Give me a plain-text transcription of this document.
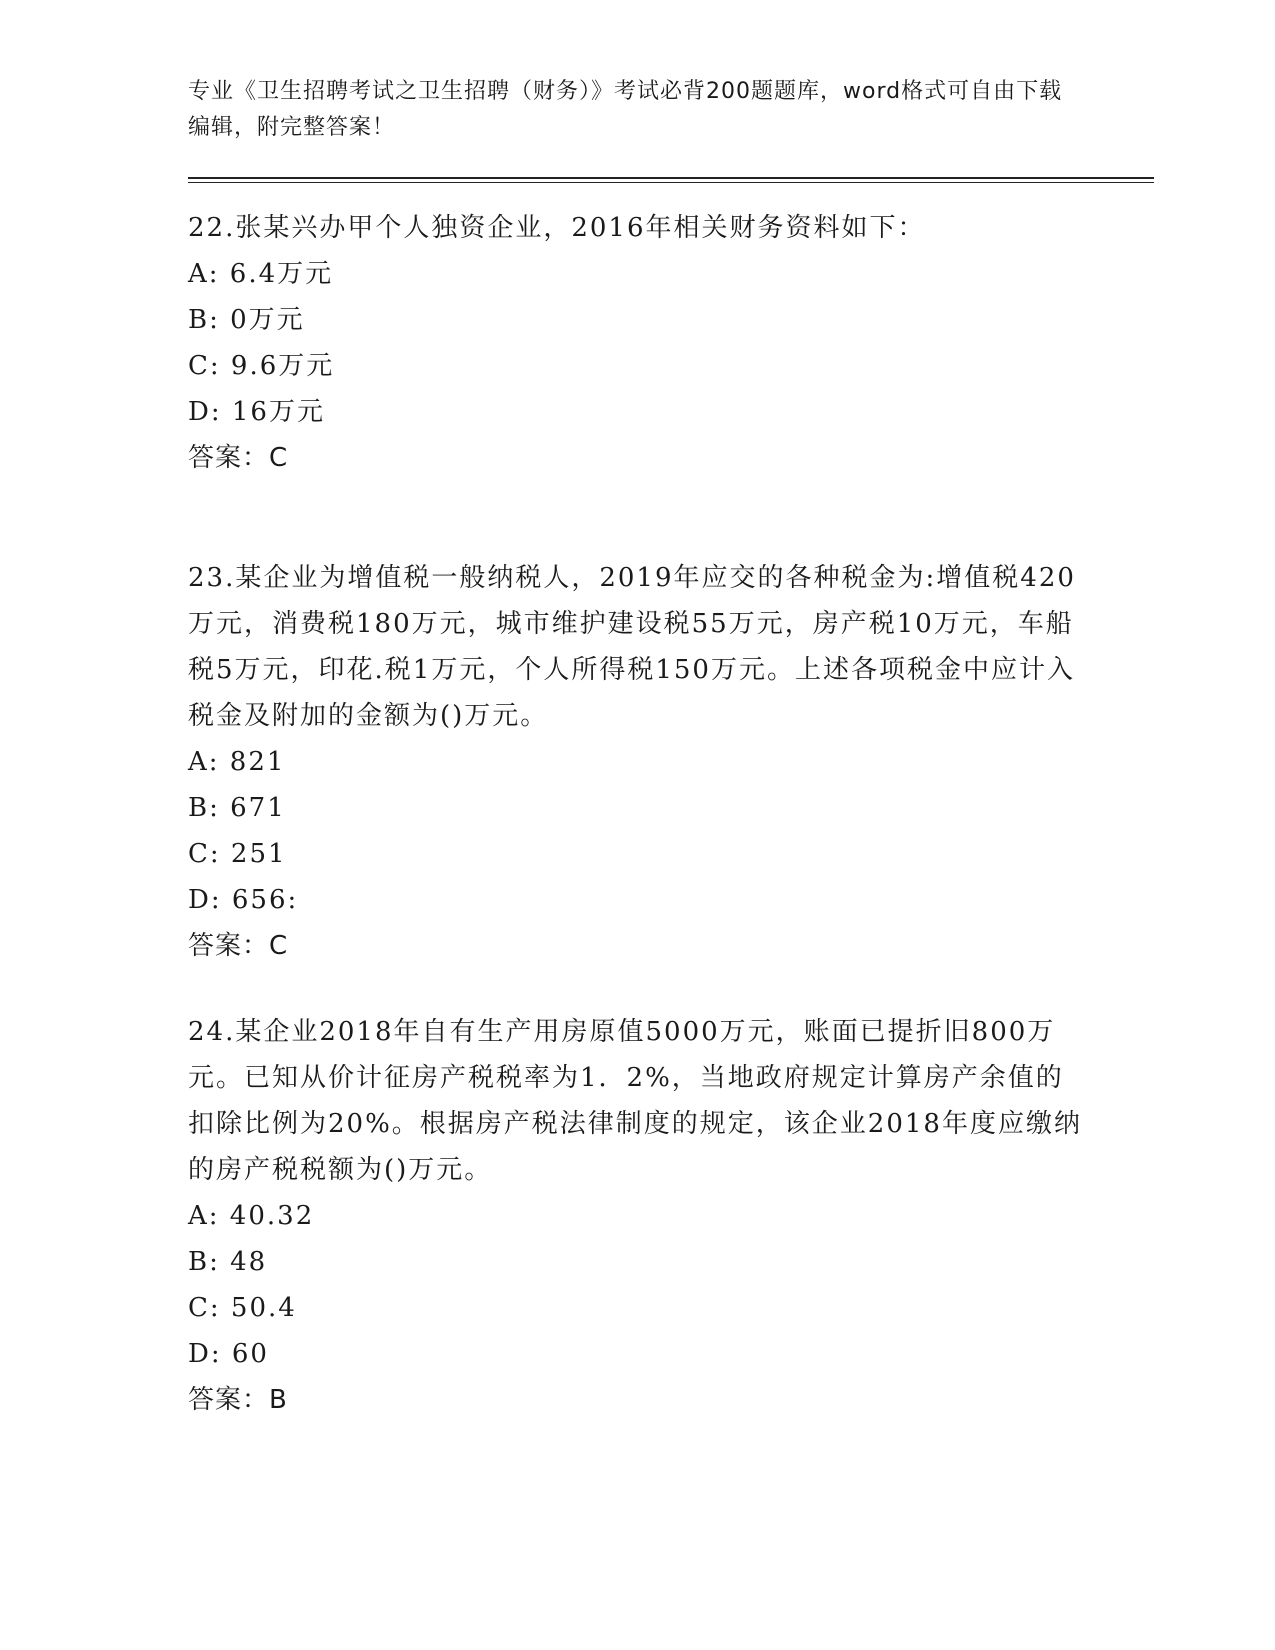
专业《卫生招聘考试之卫生招聘（财务）》考试必背200题题库，word格式可自由下载编辑，附完整答案！
22.张某兴办甲个人独资企业，2016年相关财务资料如下：
A: 6.4万元
B: 0万元
C: 9.6万元
D: 16万元
答案：C
23.某企业为增值税一般纳税人，2019年应交的各种税金为:增值税420万元，消费税180万元，城市维护建设税55万元，房产税10万元，车船税5万元，印花.税1万元，个人所得税150万元。上述各项税金中应计入税金及附加的金额为()万元。
A: 821
B: 671
C: 251
D: 656:
答案：C
24.某企业2018年自有生产用房原值5000万元，账面已提折旧800万元。已知从价计征房产税税率为1．2%，当地政府规定计算房产余值的扣除比例为20%。根据房产税法律制度的规定，该企业2018年度应缴纳的房产税税额为()万元。
A: 40.32
B: 48
C: 50.4
D: 60
答案：B
